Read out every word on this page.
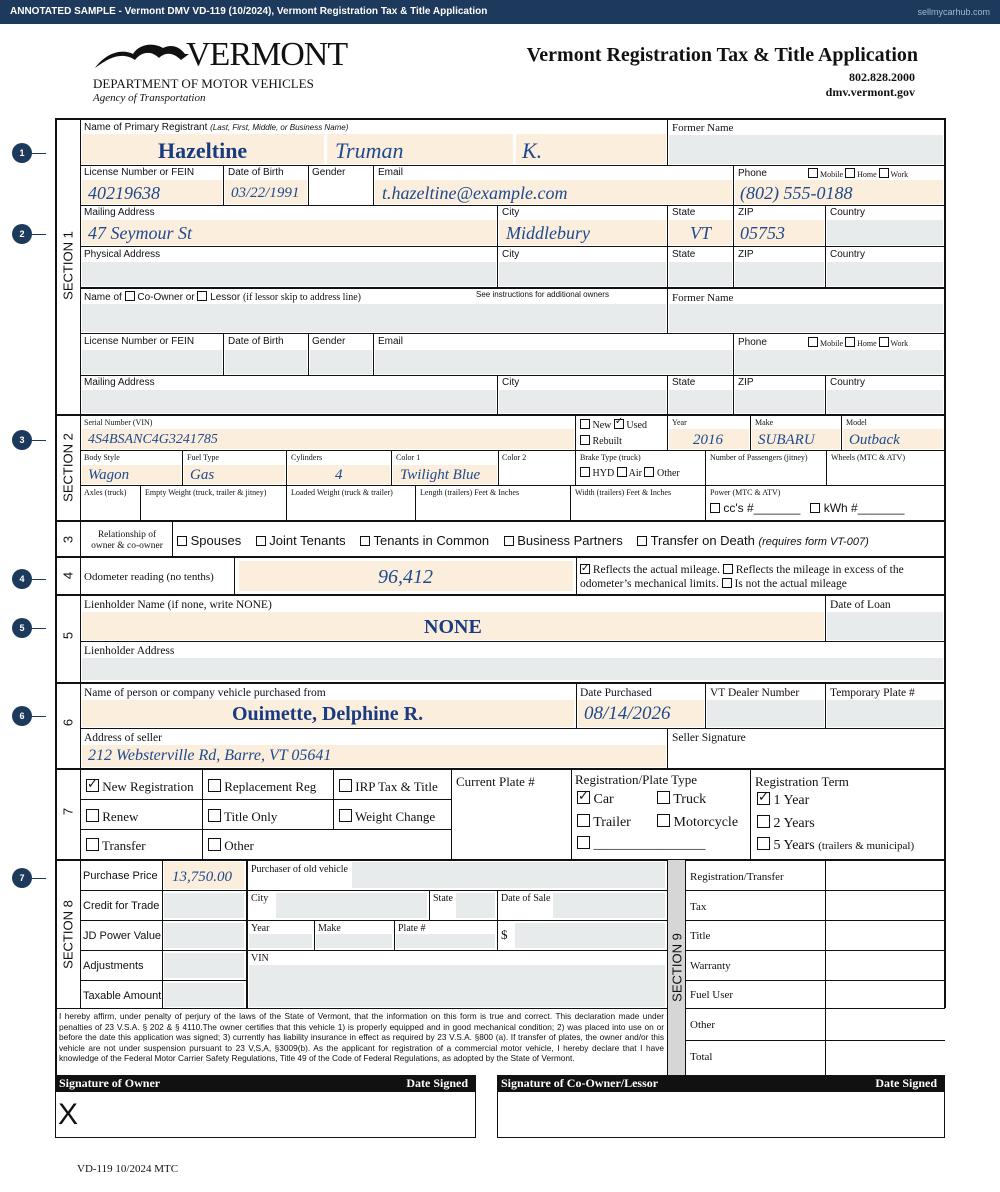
ANNOTATED SAMPLE - Vermont DMV VD-119 (10/2024), Vermont Registration Tax & Title Application	sellmycarhub.com
VERMONT
DEPARTMENT OF MOTOR VEHICLES
Agency of Transportation
Vermont Registration Tax & Title Application
802.828.2000
dmv.vermont.gov
1
2
3
4
5
6
7
SECTION 1
Name of Primary Registrant (Last, First, Middle, or Business Name)
Hazeltine	Truman	K.
Former Name
License Number or FEIN
40219638
Date of Birth
03/22/1991
Gender	Email
t.hazeltine@example.com
Phone	Mobile Home Work
(802) 555-0188
Mailing Address
47 Seymour St
City
Middlebury
State
VT
ZIP
05753
Country
Physical Address	City	State	ZIP	Country
Name of Co-Owner or Lessor (if lessor skip to address line)	See instructions for additional owners	Former Name
License Number or FEIN	Date of Birth	Gender	Email	Phone	Mobile Home Work
Mailing Address	City	State	ZIP	Country
SECTION 2
Serial Number (VIN)
4S4BSANC4G3241785
New ✓ Used
Rebuilt
Year
2016
Make
SUBARU
Model
Outback
Body Style
Wagon
Fuel Type
Gas
Cylinders
4
Color 1
Twilight Blue
Color 2	Brake Type (truck)
HYD Air Other
Number of Passengers (jitney)	Wheels (MTC & ATV)
Axles (truck) Empty Weight (truck, trailer & jitney)	Loaded Weight (truck & trailer)	Length (trailers) Feet & Inches	Width (trailers) Feet & Inches	Power (MTC & ATV)
cc's #_______ kWh #_______
3	Relationship of
owner & co-owner	Spouses Joint Tenants Tenants in Common Business Partners Transfer on Death (requires form VT-007)
4 Odometer reading (no tenths)	96,412 ✓	Reflects the actual mileage. Reflects the mileage in excess of the
odometer’s mechanical limits. Is not the actual mileage
5
Lienholder Name (if none, write NONE)
NONE
Date of Loan
Lienholder Address
6
Name of person or company vehicle purchased from
Ouimette, Delphine R.
Date Purchased
08/14/2026
VT Dealer Number	Temporary Plate #
Address of seller
212 Websterville Rd, Barre, VT 05641
Seller Signature
7
✓ New Registration	Replacement Reg	IRP Tax & Title
Renew	Title Only	Weight Change
Transfer	Other
Current Plate #	Registration/Plate Type
✓ Car	Truck
Trailer	Motorcycle
________________
Registration Term
✓ 1 Year
2 Years
5 Years (trailers & municipal)
SECTION 8
Purchase Price 13,750.00
Credit for Trade
JD Power Value
Adjustments
Taxable Amount
Purchaser of old vehicle
City	State	Date of Sale
Year	Make	Plate #	$
VIN	SECTION 9
Registration/Transfer
Tax
Title
Warranty
Fuel User
Other
Total
I hereby affirm, under penalty of perjury of the laws of the State of Vermont, that the information on this form is true and correct. This declaration made under penalties of 23 V.S.A. § 202 & § 4110.The owner certifies that this vehicle 1) is properly equipped and in good mechanical condition; 2) was placed into use on or before the date this application was signed; 3) currently has liability insurance in effect as required by 23 V.S.A. §800 (a). If transfer of plates, the owner and/or this vehicle are not under suspension pursuant to 23 V,S,A, §3009(b). As the applicant for registration of a commercial motor vehicle, I hereby declare that I have knowledge of the Federal Motor Carrier Safety Regulations, Title 49 of the Code of Federal Regulations, as adopted by the State of Vermont.
Signature of Owner	Date Signed
X
Signature of Co-Owner/Lessor	Date Signed
VD-119 10/2024 MTC
